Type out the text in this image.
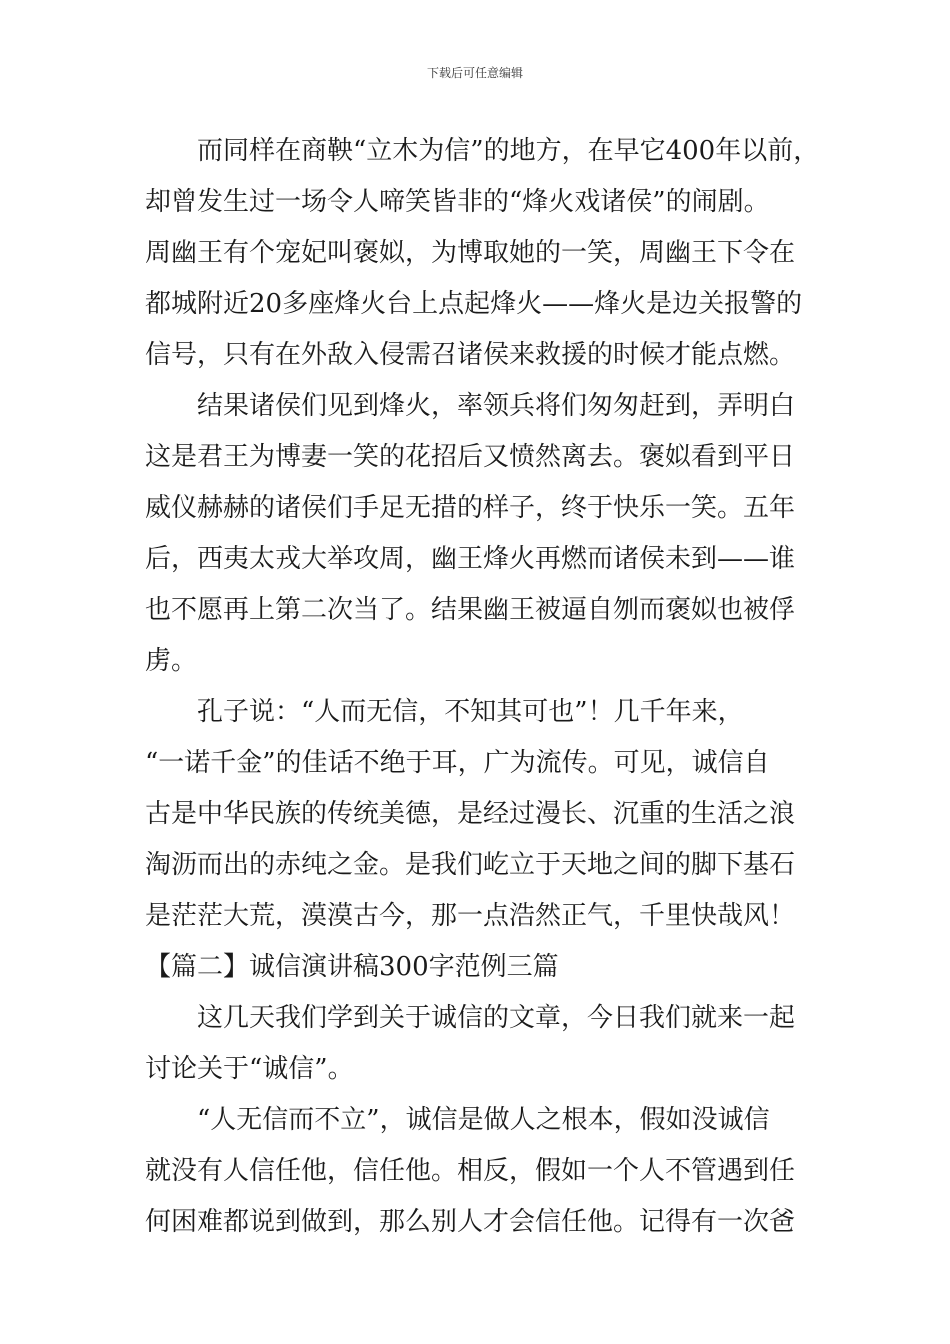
下载后可任意编辑
而同样在商鞅“立木为信”的地方，在早它400年以前，
却曾发生过一场令人啼笑皆非的“烽火戏诸侯”的闹剧。
周幽王有个宠妃叫褒姒，为博取她的一笑，周幽王下令在
都城附近20多座烽火台上点起烽火——烽火是边关报警的
信号，只有在外敌入侵需召诸侯来救援的时候才能点燃。
结果诸侯们见到烽火，率领兵将们匆匆赶到，弄明白
这是君王为博妻一笑的花招后又愤然离去。褒姒看到平日
威仪赫赫的诸侯们手足无措的样子，终于快乐一笑。五年
后，西夷太戎大举攻周，幽王烽火再燃而诸侯未到——谁
也不愿再上第二次当了。结果幽王被逼自刎而褒姒也被俘
虏。
孔子说：“人而无信，不知其可也”！几千年来，
“一诺千金”的佳话不绝于耳，广为流传。可见，诚信自
古是中华民族的传统美德，是经过漫长、沉重的生活之浪
淘沥而出的赤纯之金。是我们屹立于天地之间的脚下基石
是茫茫大荒，漠漠古今，那一点浩然正气，千里快哉风！
【篇二】诚信演讲稿300字范例三篇
这几天我们学到关于诚信的文章，今日我们就来一起
讨论关于“诚信”。
“人无信而不立”，诚信是做人之根本，假如没诚信
就没有人信任他，信任他。相反，假如一个人不管遇到任
何困难都说到做到，那么别人才会信任他。记得有一次爸
